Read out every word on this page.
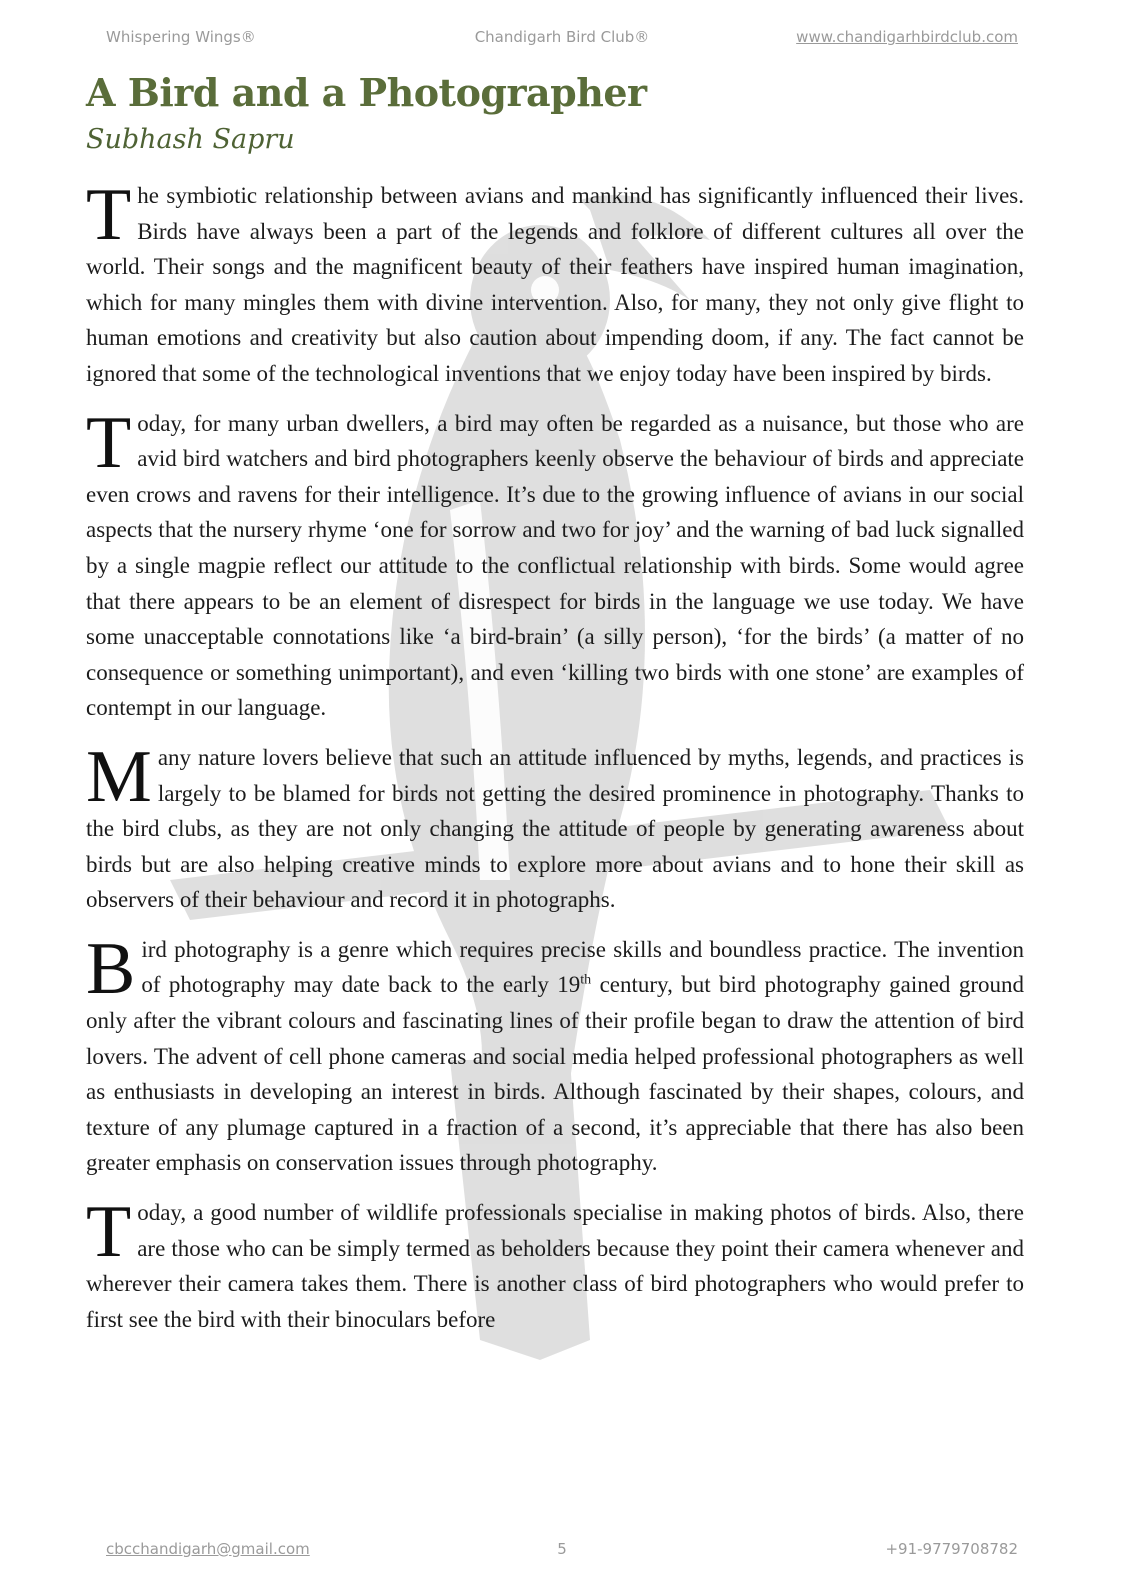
Whispering Wings®	Chandigarh Bird Club®	www.chandigarhbirdclub.com
A Bird and a Photographer
Subhash Sapru

The symbiotic relationship between avians and mankind has significantly influenced their lives. Birds have always been a part of the legends and folklore of different cultures all over the world. Their songs and the magnificent beauty of their feathers have inspired human imagination, which for many mingles them with divine intervention. Also, for many, they not only give flight to human emotions and creativity but also caution about impending doom, if any. The fact cannot be ignored that some of the technological inventions that we enjoy today have been inspired by birds.

Today, for many urban dwellers, a bird may often be regarded as a nuisance, but those who are avid bird watchers and bird photographers keenly observe the behaviour of birds and appreciate even crows and ravens for their intelligence. It’s due to the growing influence of avians in our social aspects that the nursery rhyme ‘one for sorrow and two for joy’ and the warning of bad luck signalled by a single magpie reflect our attitude to the conflictual relationship with birds. Some would agree that there appears to be an element of disrespect for birds in the language we use today. We have some unacceptable connotations like ‘a bird-brain’ (a silly person), ‘for the birds’ (a matter of no consequence or something unimportant), and even ‘killing two birds with one stone’ are examples of contempt in our language.

Many nature lovers believe that such an attitude influenced by myths, legends, and practices is largely to be blamed for birds not getting the desired prominence in photography. Thanks to the bird clubs, as they are not only changing the attitude of people by generating awareness about birds but are also helping creative minds to explore more about avians and to hone their skill as observers of their behaviour and record it in photographs.

Bird photography is a genre which requires precise skills and boundless practice. The invention of photography may date back to the early 19th century, but bird photography gained ground only after the vibrant colours and fascinating lines of their profile began to draw the attention of bird lovers. The advent of cell phone cameras and social media helped professional photographers as well as enthusiasts in developing an interest in birds. Although fascinated by their shapes, colours, and texture of any plumage captured in a fraction of a second, it’s appreciable that there has also been greater emphasis on conservation issues through photography.

Today, a good number of wildlife professionals specialise in making photos of birds. Also, there are those who can be simply termed as beholders because they point their camera whenever and wherever their camera takes them. There is another class of bird photographers who would prefer to first see the bird with their binoculars before

cbcchandigarh@gmail.com	5	+91-9779708782
